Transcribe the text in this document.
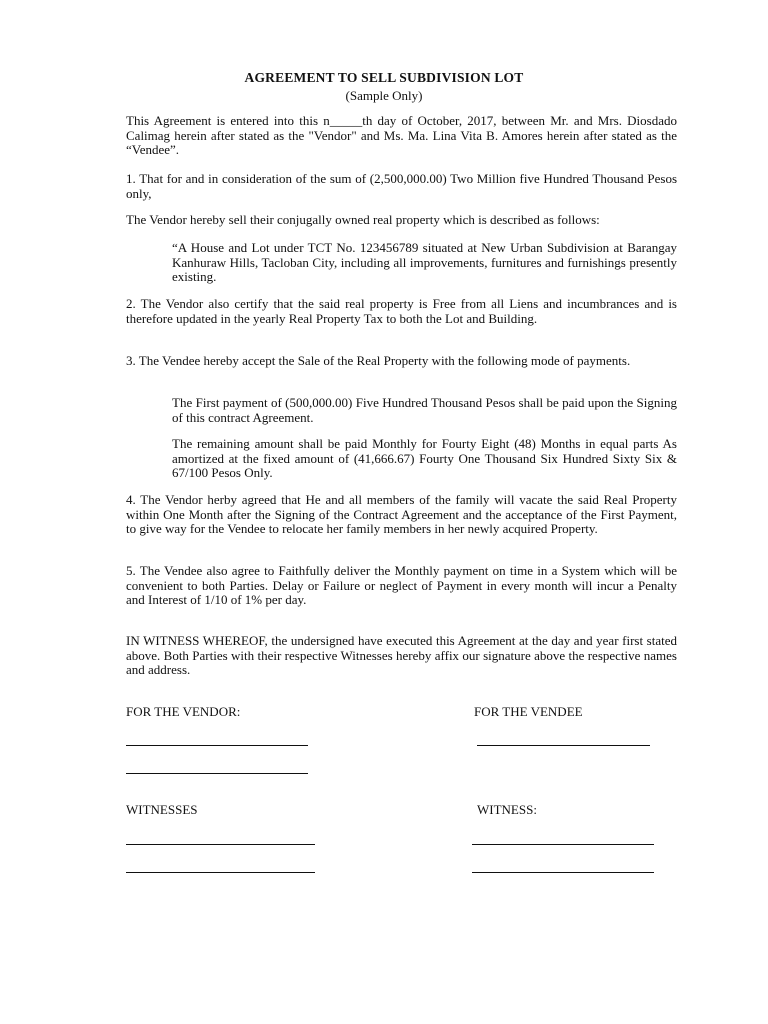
AGREEMENT TO SELL SUBDIVISION LOT
(Sample Only)

This Agreement is entered into this n_____th day of October, 2017, between Mr. and Mrs. Diosdado Calimag herein after stated as the "Vendor" and Ms. Ma. Lina Vita B. Amores herein after stated as the “Vendee”.

1. That for and in consideration of the sum of (2,500,000.00) Two Million five Hundred Thousand Pesos only,

The Vendor hereby sell their conjugally owned real property which is described as follows:

“A House and Lot under TCT No. 123456789 situated at New Urban Subdivision at Barangay Kanhuraw Hills, Tacloban City, including all improvements, furnitures and furnishings presently existing.

2. The Vendor also certify that the said real property is Free from all Liens and incumbrances and is therefore updated in the yearly Real Property Tax to both the Lot and Building.

3. The Vendee hereby accept the Sale of the Real Property with the following mode of payments.

The First payment of (500,000.00) Five Hundred Thousand Pesos shall be paid upon the Signing of this contract Agreement.

The remaining amount shall be paid Monthly for Fourty Eight (48) Months in equal parts As amortized at the fixed amount of (41,666.67) Fourty One Thousand Six Hundred Sixty Six & 67/100 Pesos Only.

4. The Vendor herby agreed that He and all members of the family will vacate the said Real Property within One Month after the Signing of the Contract Agreement and the acceptance of the First Payment, to give way for the Vendee to relocate her family members in her newly acquired Property.

5. The Vendee also agree to Faithfully deliver the Monthly payment on time in a System which will be convenient to both Parties. Delay or Failure or neglect of Payment in every month will incur a Penalty and Interest of 1/10 of 1% per day.

IN WITNESS WHEREOF, the undersigned have executed this Agreement at the day and year first stated above. Both Parties with their respective Witnesses hereby affix our signature above the respective names and address.

FOR THE VENDOR:	FOR THE VENDEE
WITNESSES	WITNESS:
